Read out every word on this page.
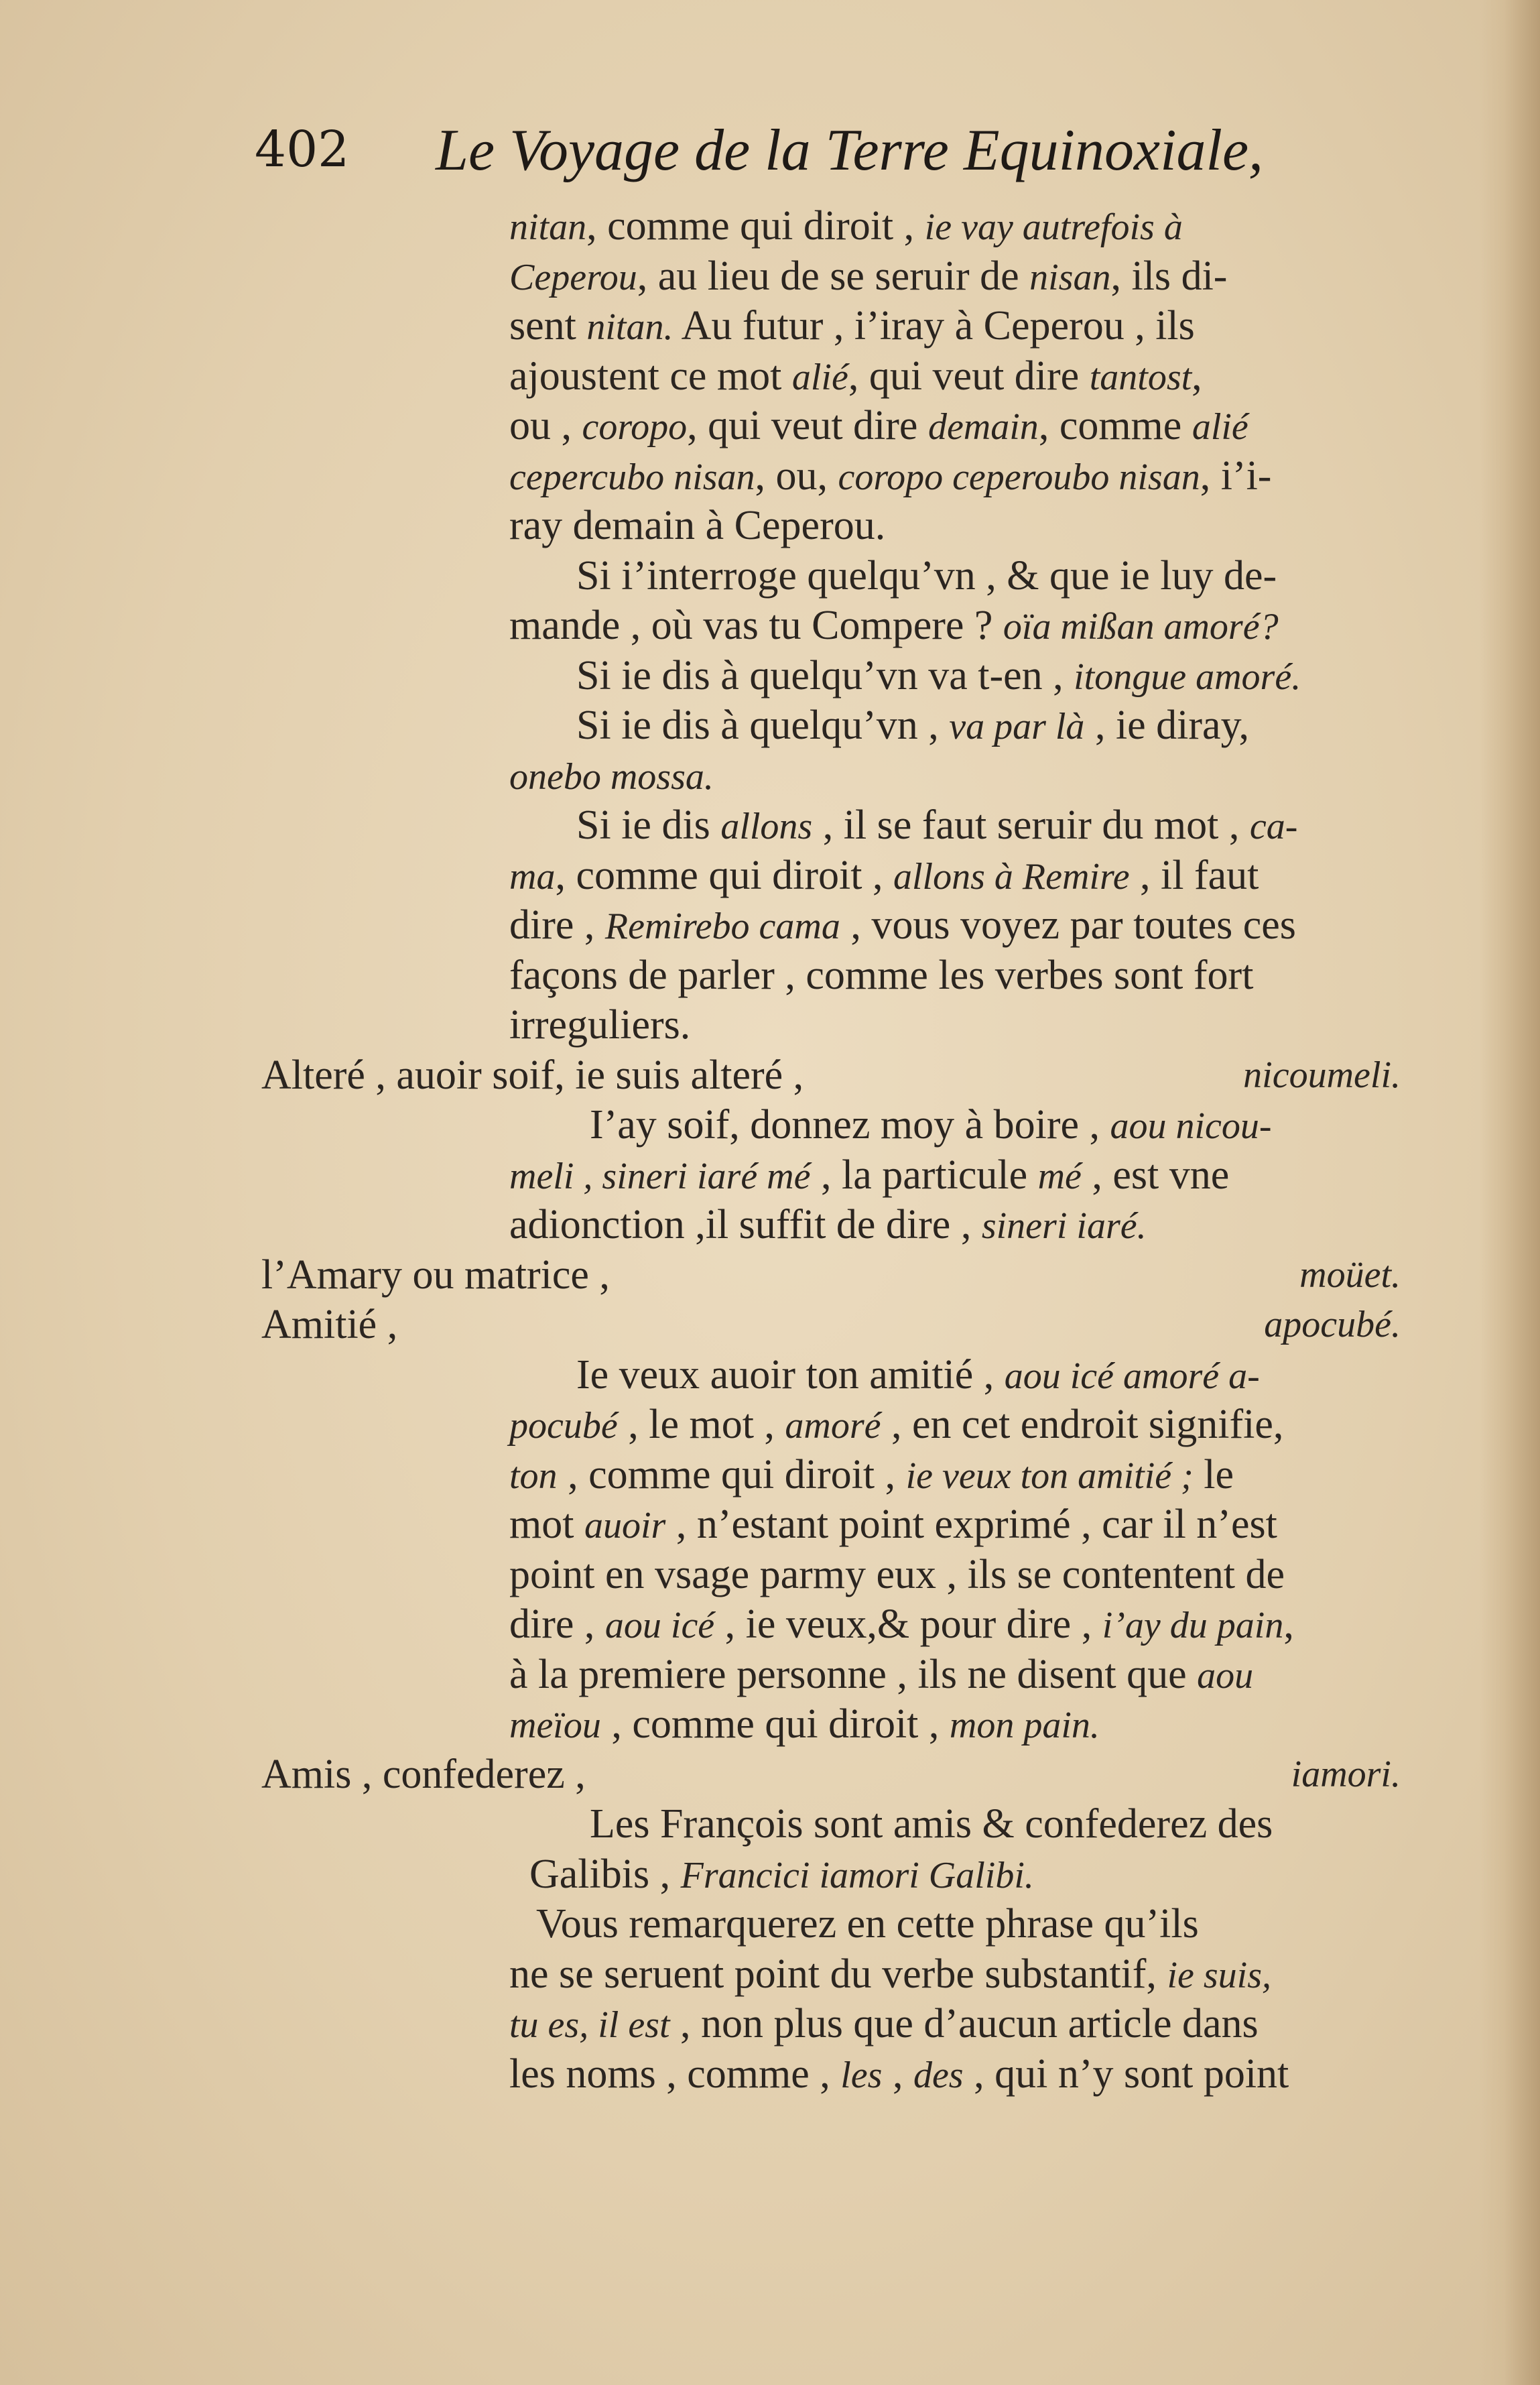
402 Le Voyage de la Terre Equinoxiale,
nitan, comme qui diroit , ie vay autrefois à
Ceperou, au lieu de se seruir de nisan, ils di-
sent nitan. Au futur , i’iray à Ceperou , ils
ajoustent ce mot alié, qui veut dire tantost,
ou , coropo, qui veut dire demain, comme alié
cepercubo nisan, ou, coropo ceperoubo nisan, i’i-
ray demain à Ceperou.
Si i’interroge quelqu’vn , & que ie luy de-
mande , où vas tu Compere ? oïa mißan amoré?
Si ie dis à quelqu’vn va t-en , itongue amoré.
Si ie dis à quelqu’vn , va par là , ie diray,
onebo mossa.
Si ie dis allons , il se faut seruir du mot , ca-
ma, comme qui diroit , allons à Remire , il faut
dire , Remirebo cama , vous voyez par toutes ces
façons de parler , comme les verbes sont fort
irreguliers.
Alteré , auoir soif, ie suis alteré ,	nicoumeli.
I’ay soif, donnez moy à boire , aou nicou-
meli , sineri iaré mé , la particule mé , est vne
adionction ,il suffit de dire , sineri iaré.
l’Amary ou matrice ,	moüet.
Amitié ,	apocubé.
Ie veux auoir ton amitié , aou icé amoré a-
pocubé , le mot , amoré , en cet endroit signifie,
ton , comme qui diroit , ie veux ton amitié ; le
mot auoir , n’estant point exprimé , car il n’est
point en vsage parmy eux , ils se contentent de
dire , aou icé , ie veux,& pour dire , i’ay du pain,
à la premiere personne , ils ne disent que aou
meïou , comme qui diroit , mon pain.
Amis , confederez ,	iamori.
Les François sont amis & confederez des
Galibis , Francici iamori Galibi.
Vous remarquerez en cette phrase qu’ils
ne se seruent point du verbe substantif, ie suis,
tu es, il est , non plus que d’aucun article dans
les noms , comme , les , des , qui n’y sont point
